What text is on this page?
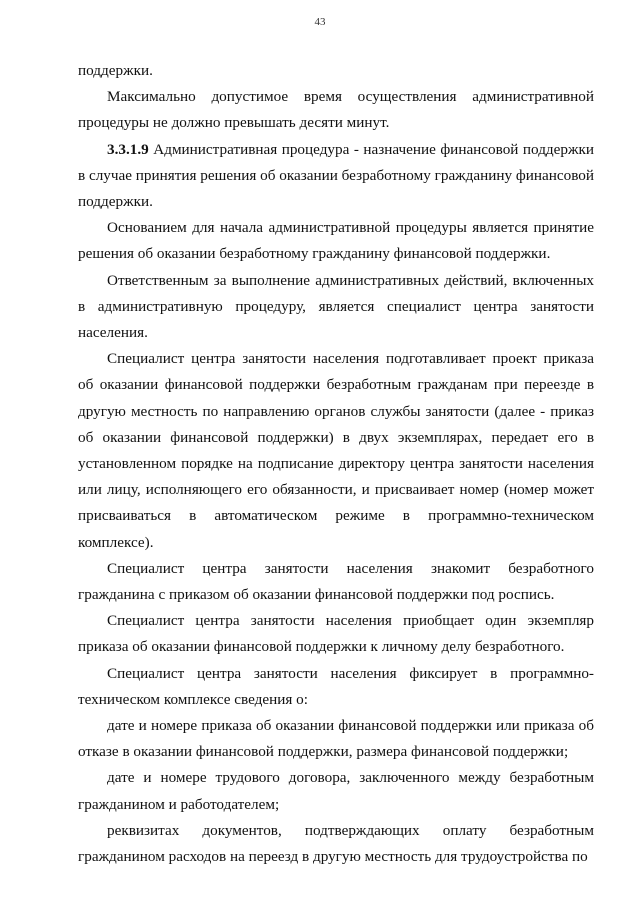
43

поддержки.

Максимально допустимое время осуществления административной процедуры не должно превышать десяти минут.

3.3.1.9 Административная процедура - назначение финансовой поддержки в случае принятия решения об оказании безработному гражданину финансовой поддержки.

Основанием для начала административной процедуры является принятие решения об оказании безработному гражданину финансовой поддержки.

Ответственным за выполнение административных действий, включенных в административную процедуру, является специалист центра занятости населения.

Специалист центра занятости населения подготавливает проект приказа об оказании финансовой поддержки безработным гражданам при переезде в другую местность по направлению органов службы занятости (далее - приказ об оказании финансовой поддержки) в двух экземплярах, передает его в установленном порядке на подписание директору центра занятости населения или лицу, исполняющего его обязанности, и присваивает номер (номер может присваиваться в автоматическом режиме в программно-техническом комплексе).

Специалист центра занятости населения знакомит безработного гражданина с приказом об оказании финансовой поддержки под роспись.

Специалист центра занятости населения приобщает один экземпляр приказа об оказании финансовой поддержки к личному делу безработного.

Специалист центра занятости населения фиксирует в программно-техническом комплексе сведения о:

дате и номере приказа об оказании финансовой поддержки или приказа об отказе в оказании финансовой поддержки, размера финансовой поддержки;

дате и номере трудового договора, заключенного между безработным гражданином и работодателем;

реквизитах документов, подтверждающих оплату безработным гражданином расходов на переезд в другую местность для трудоустройства по
